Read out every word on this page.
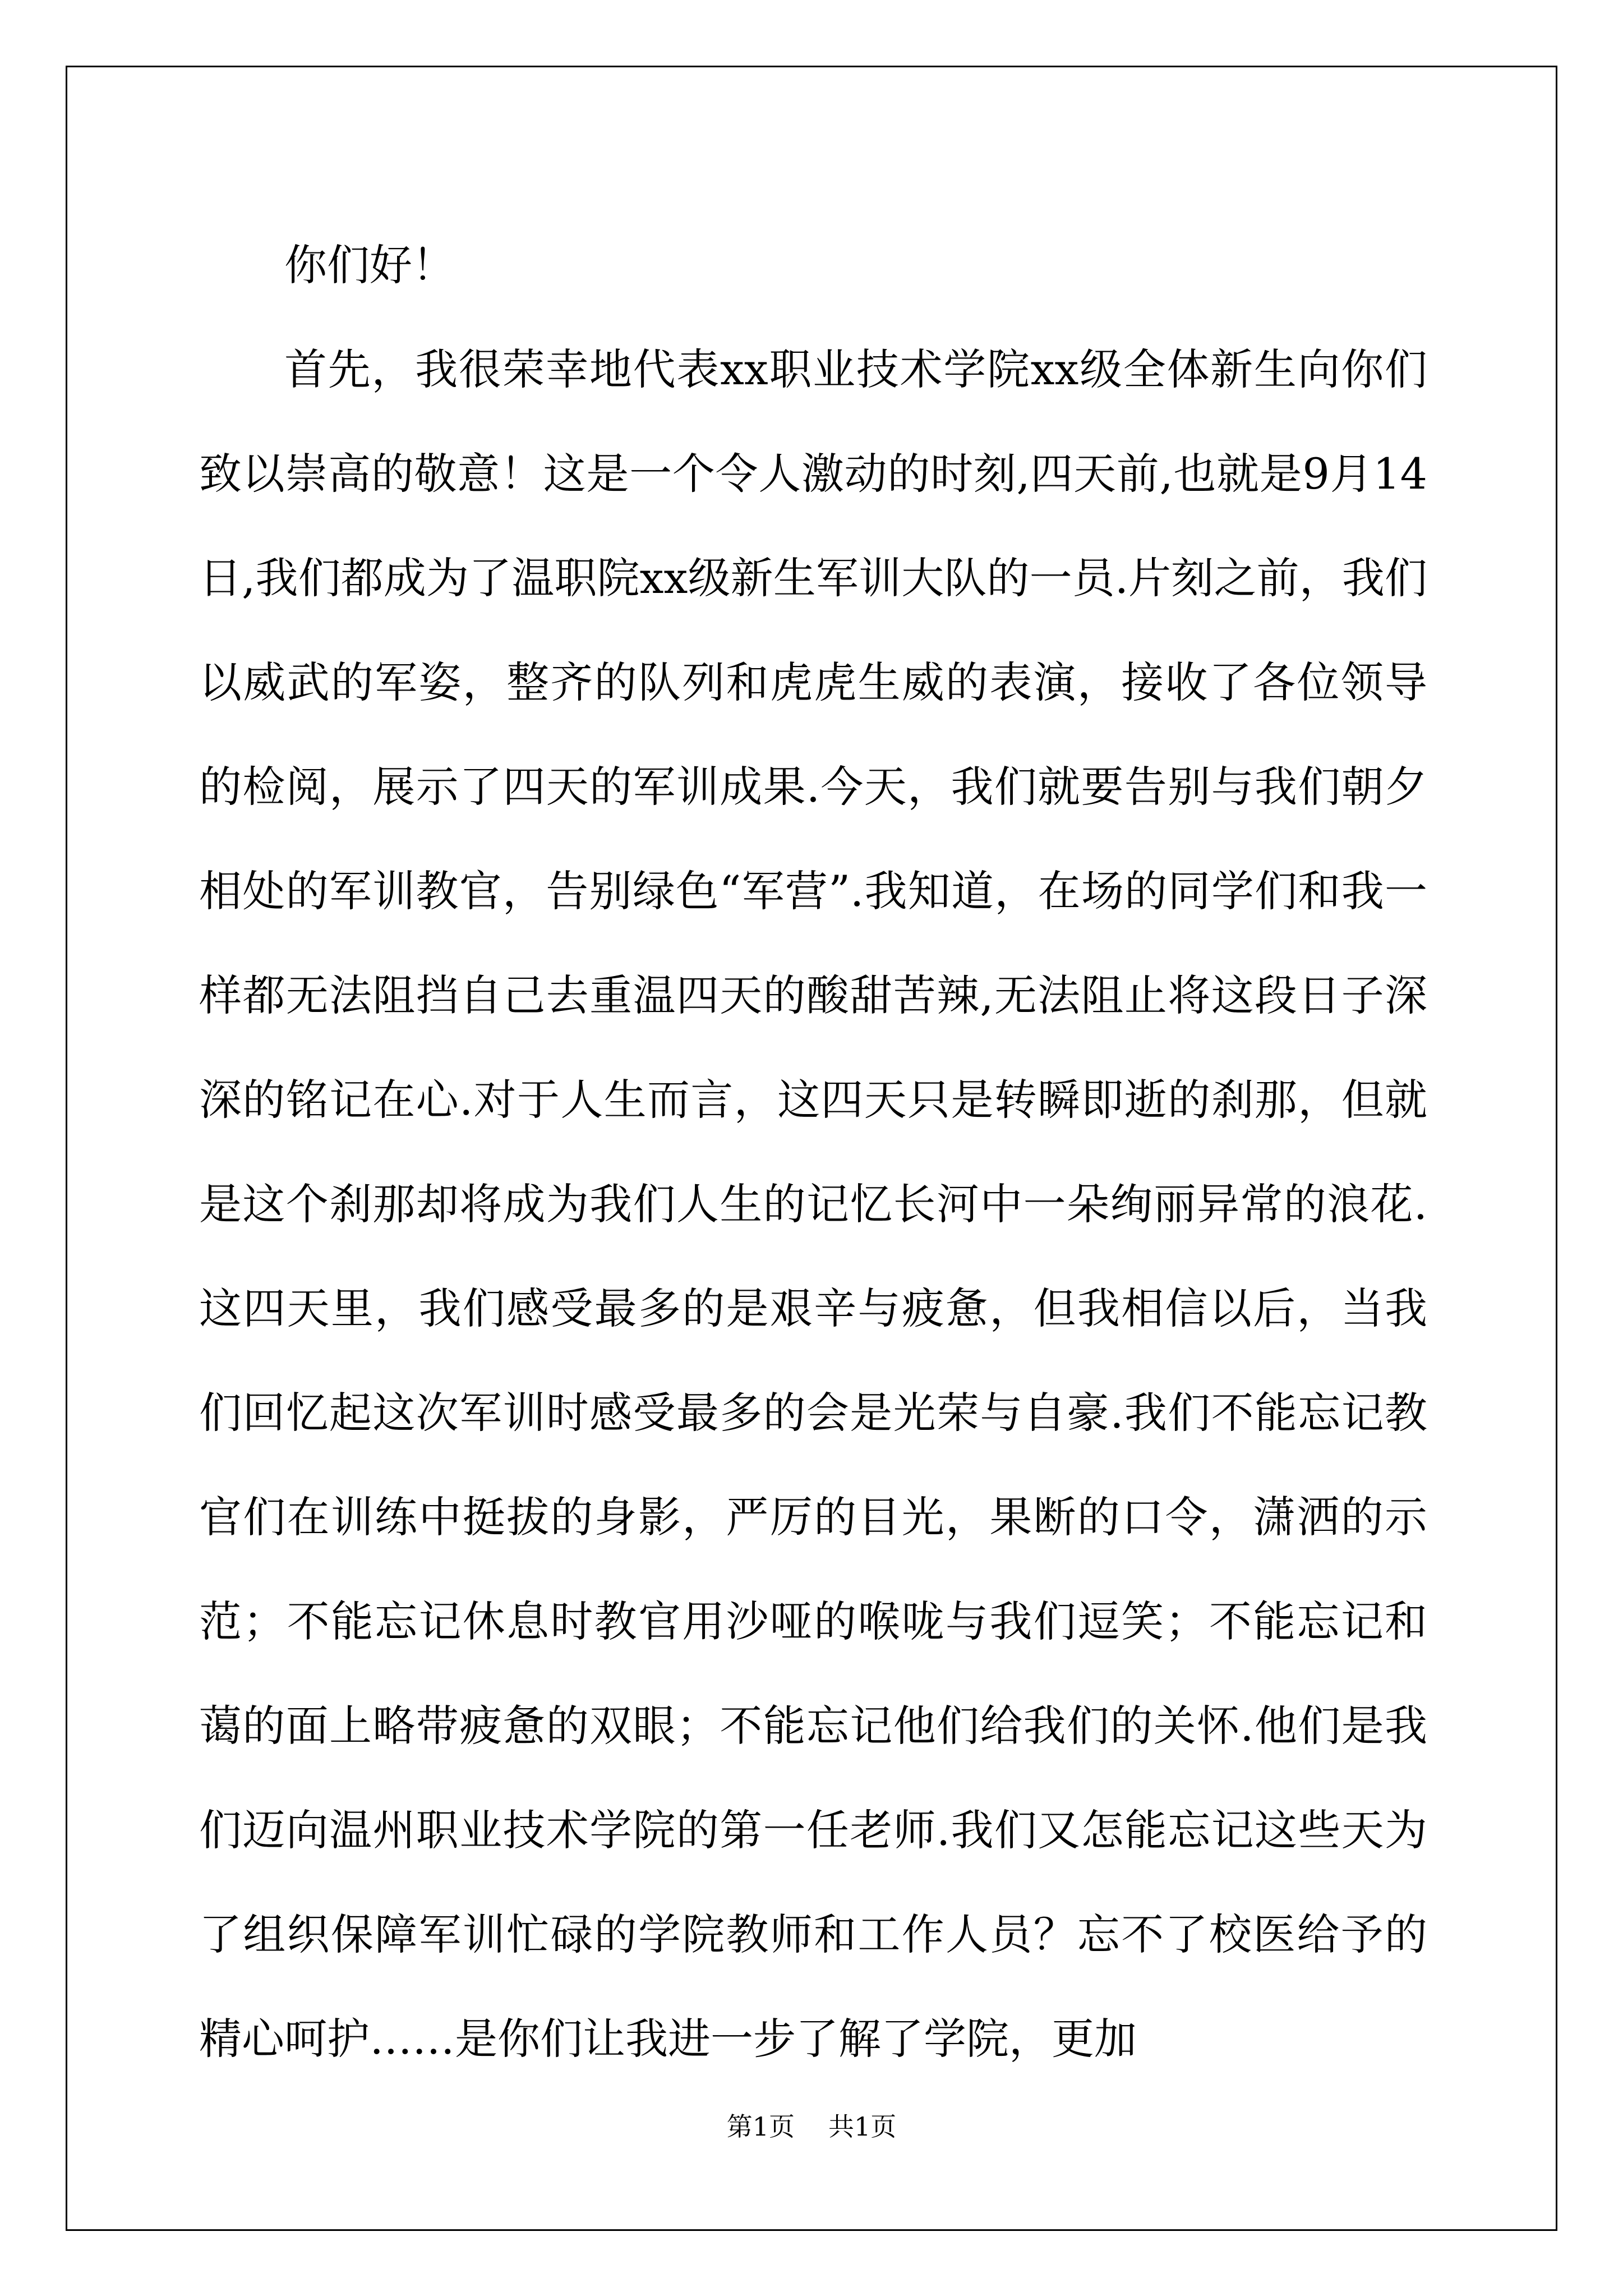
你们好！

首先，我很荣幸地代表xx职业技术学院xx级全体新生向你们致以崇高的敬意！这是一个令人激动的时刻,四天前,也就是9月14日,我们都成为了温职院xx级新生军训大队的一员.片刻之前，我们以威武的军姿，整齐的队列和虎虎生威的表演，接收了各位领导的检阅，展示了四天的军训成果.今天，我们就要告别与我们朝夕相处的军训教官，告别绿色“军营”.我知道，在场的同学们和我一样都无法阻挡自己去重温四天的酸甜苦辣,无法阻止将这段日子深深的铭记在心.对于人生而言，这四天只是转瞬即逝的刹那，但就是这个刹那却将成为我们人生的记忆长河中一朵绚丽异常的浪花.这四天里，我们感受最多的是艰辛与疲惫，但我相信以后，当我们回忆起这次军训时感受最多的会是光荣与自豪.我们不能忘记教官们在训练中挺拔的身影，严厉的目光，果断的口令，潇洒的示范；不能忘记休息时教官用沙哑的喉咙与我们逗笑；不能忘记和蔼的面上略带疲惫的双眼；不能忘记他们给我们的关怀.他们是我们迈向温州职业技术学院的第一任老师.我们又怎能忘记这些天为了组织保障军训忙碌的学院教师和工作人员？忘不了校医给予的精心呵护……是你们让我进一步了解了学院，更加

第1页 共1页
